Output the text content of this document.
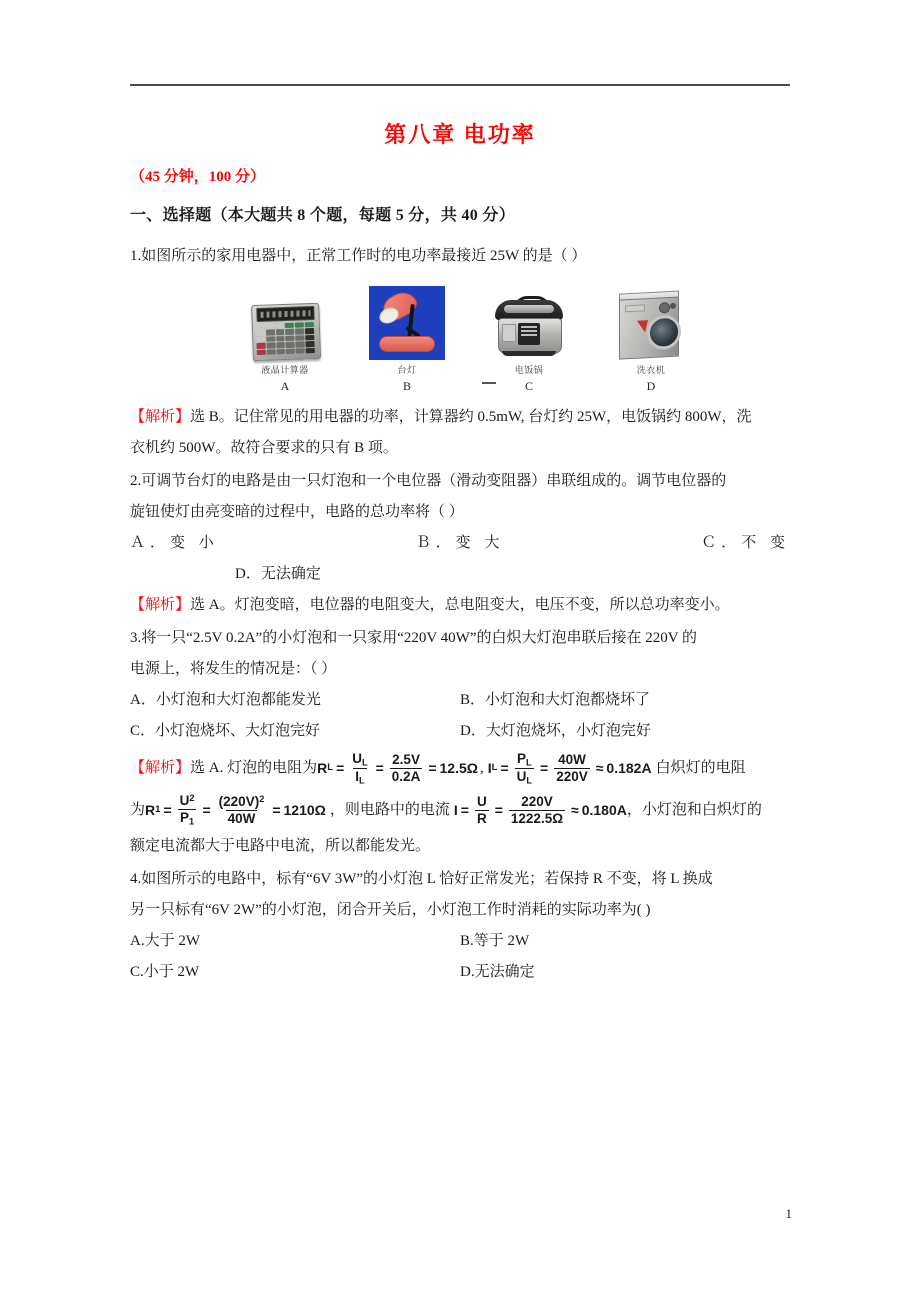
第八章 电功率
（45 分钟，100 分）
一、选择题（本大题共 8 个题，每题 5 分，共 40 分）

1.如图所示的家用电器中，正常工作时的电功率最接近 25W 的是（ ）

液晶计算器
A
台灯
B
电饭锅
C
洗衣机
D
【解析】选 B。记住常见的用电器的功率，计算器约 0.5mW, 台灯约 25W，电饭锅约 800W，洗
衣机约 500W。故符合要求的只有 B 项。

2.可调节台灯的电路是由一只灯泡和一个电位器（滑动变阻器）串联组成的。调节电位器的

旋钮使灯由亮变暗的过程中，电路的总功率将（ ）

Ａ．变 小	Ｂ．变 大	Ｃ．不 变
D．无法确定
【解析】选 A。灯泡变暗，电位器的电阻变大，总电阻变大，电压不变，所以总功率变小。

3.将一只“2.5V 0.2A”的小灯泡和一只家用“220V 40W”的白炽大灯泡串联后接在 220V 的

电源上，将发生的情况是：（ ）

A．小灯泡和大灯泡都能发光	B．小灯泡和大灯泡都烧坏了
C．小灯泡烧坏、大灯泡完好	D．大灯泡烧坏，小灯泡完好
【解析】 选 A. 灯泡的电阻为 R $L = \frac{U_L}{I_L} = \frac{2.5V}{0.2A} = 12.5\Omega$ , I $L = \frac{P_L}{U_L} = \frac{40W}{220V} \approx 0.182A$ 白炽灯的电阻
为 R $1 = \frac{U^2}{P_1} = \frac{(220V)^2}{40W} = 1210\Omega$ ，则电路中的电流 $I = \frac{U}{R} = \frac{220V}{1222.5\Omega} \approx 0.180A$ ，小灯泡和白炽灯的
额定电流都大于电路中电流，所以都能发光。

4.如图所示的电路中，标有“6V 3W”的小灯泡 L 恰好正常发光；若保持 R 不变，将 L 换成

另一只标有“6V 2W”的小灯泡，闭合开关后，小灯泡工作时消耗的实际功率为( )

A.大于 2W	B.等于 2W
C.小于 2W	D.无法确定
1
